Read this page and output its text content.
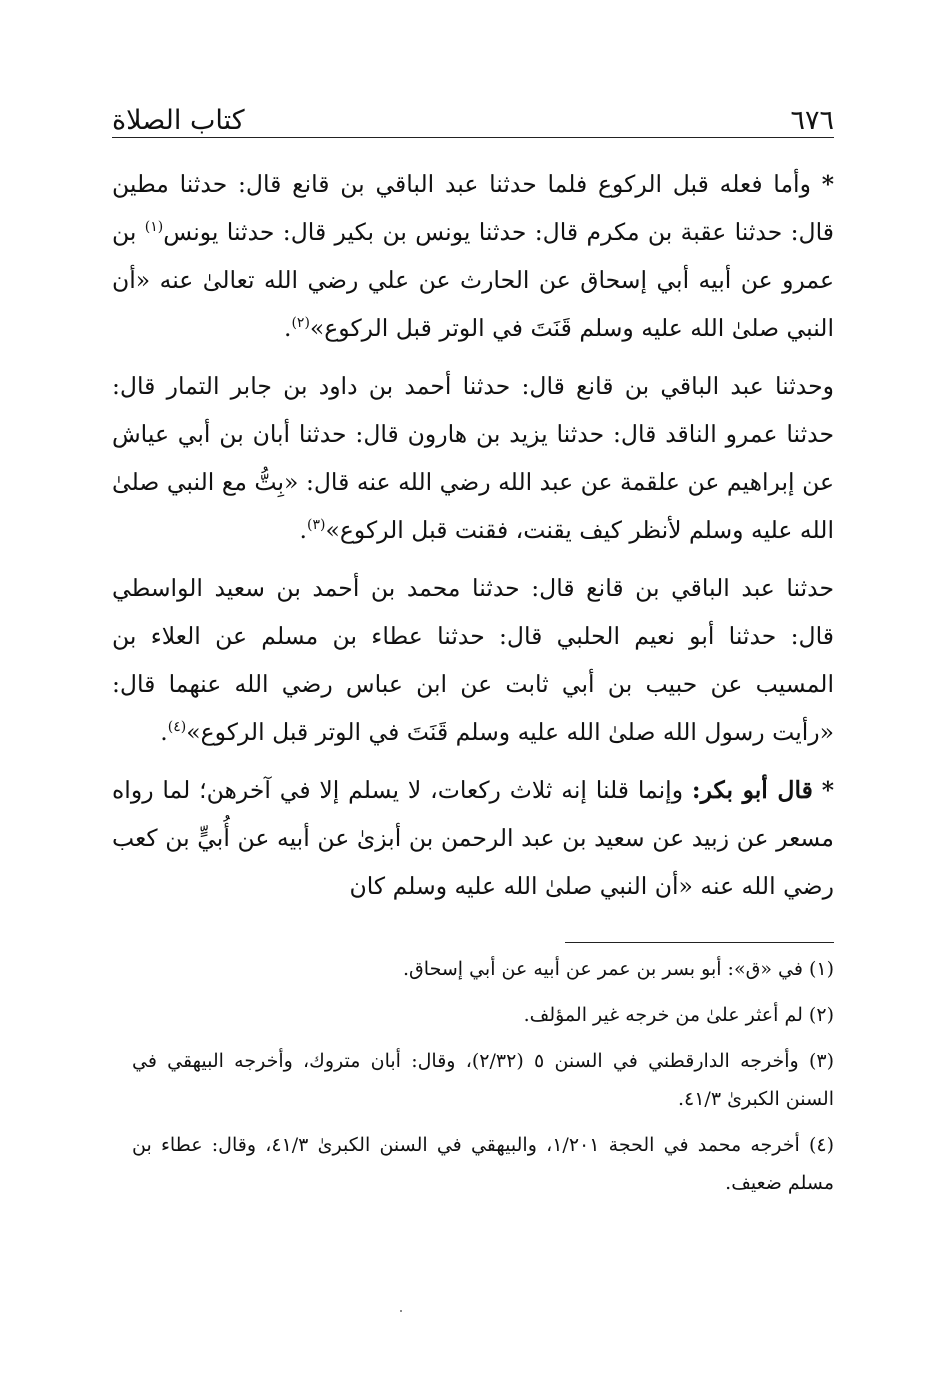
٦٧٦
كتاب الصلاة

* وأما فعله قبل الركوع فلما حدثنا عبد الباقي بن قانع قال: حدثنا مطين قال: حدثنا عقبة بن مكرم قال: حدثنا يونس بن بكير قال: حدثنا يونس$^{(١)}$ بن عمرو عن أبيه أبي إسحاق عن الحارث عن علي رضي الله تعالىٰ عنه «أن النبي صلىٰ الله عليه وسلم قَنَتَ في الوتر قبل الركوع»$^{(٢)}$.

وحدثنا عبد الباقي بن قانع قال: حدثنا أحمد بن داود بن جابر التمار قال: حدثنا عمرو الناقد قال: حدثنا يزيد بن هارون قال: حدثنا أبان بن أبي عياش عن إبراهيم عن علقمة عن عبد الله رضي الله عنه قال: «بِتُّ مع النبي صلىٰ الله عليه وسلم لأنظر كيف يقنت، فقنت قبل الركوع»$^{(٣)}$.

حدثنا عبد الباقي بن قانع قال: حدثنا محمد بن أحمد بن سعيد الواسطي قال: حدثنا أبو نعيم الحلبي قال: حدثنا عطاء بن مسلم عن العلاء بن المسيب عن حبيب بن أبي ثابت عن ابن عباس رضي الله عنهما قال: «رأيت رسول الله صلىٰ الله عليه وسلم قَنَتَ في الوتر قبل الركوع»$^{(٤)}$.

* قال أبو بكر: وإنما قلنا إنه ثلاث ركعات، لا يسلم إلا في آخرهن؛ لما رواه مسعر عن زبيد عن سعيد بن عبد الرحمن بن أبزىٰ عن أبيه عن أُبيٍّ بن كعب رضي الله عنه «أن النبي صلىٰ الله عليه وسلم كان

(١) في «ق»: أبو بسر بن عمر عن أبيه عن أبي إسحاق.
(٢) لم أعثر علىٰ من خرجه غير المؤلف.
(٣) وأخرجه الدارقطني في السنن ٥ (٢/٣٢)، وقال: أبان متروك، وأخرجه البيهقي في السنن الكبرىٰ ٤١/٣.
(٤) أخرجه محمد في الحجة ١/٢٠١، والبيهقي في السنن الكبرىٰ ٤١/٣، وقال: عطاء بن مسلم ضعيف.
